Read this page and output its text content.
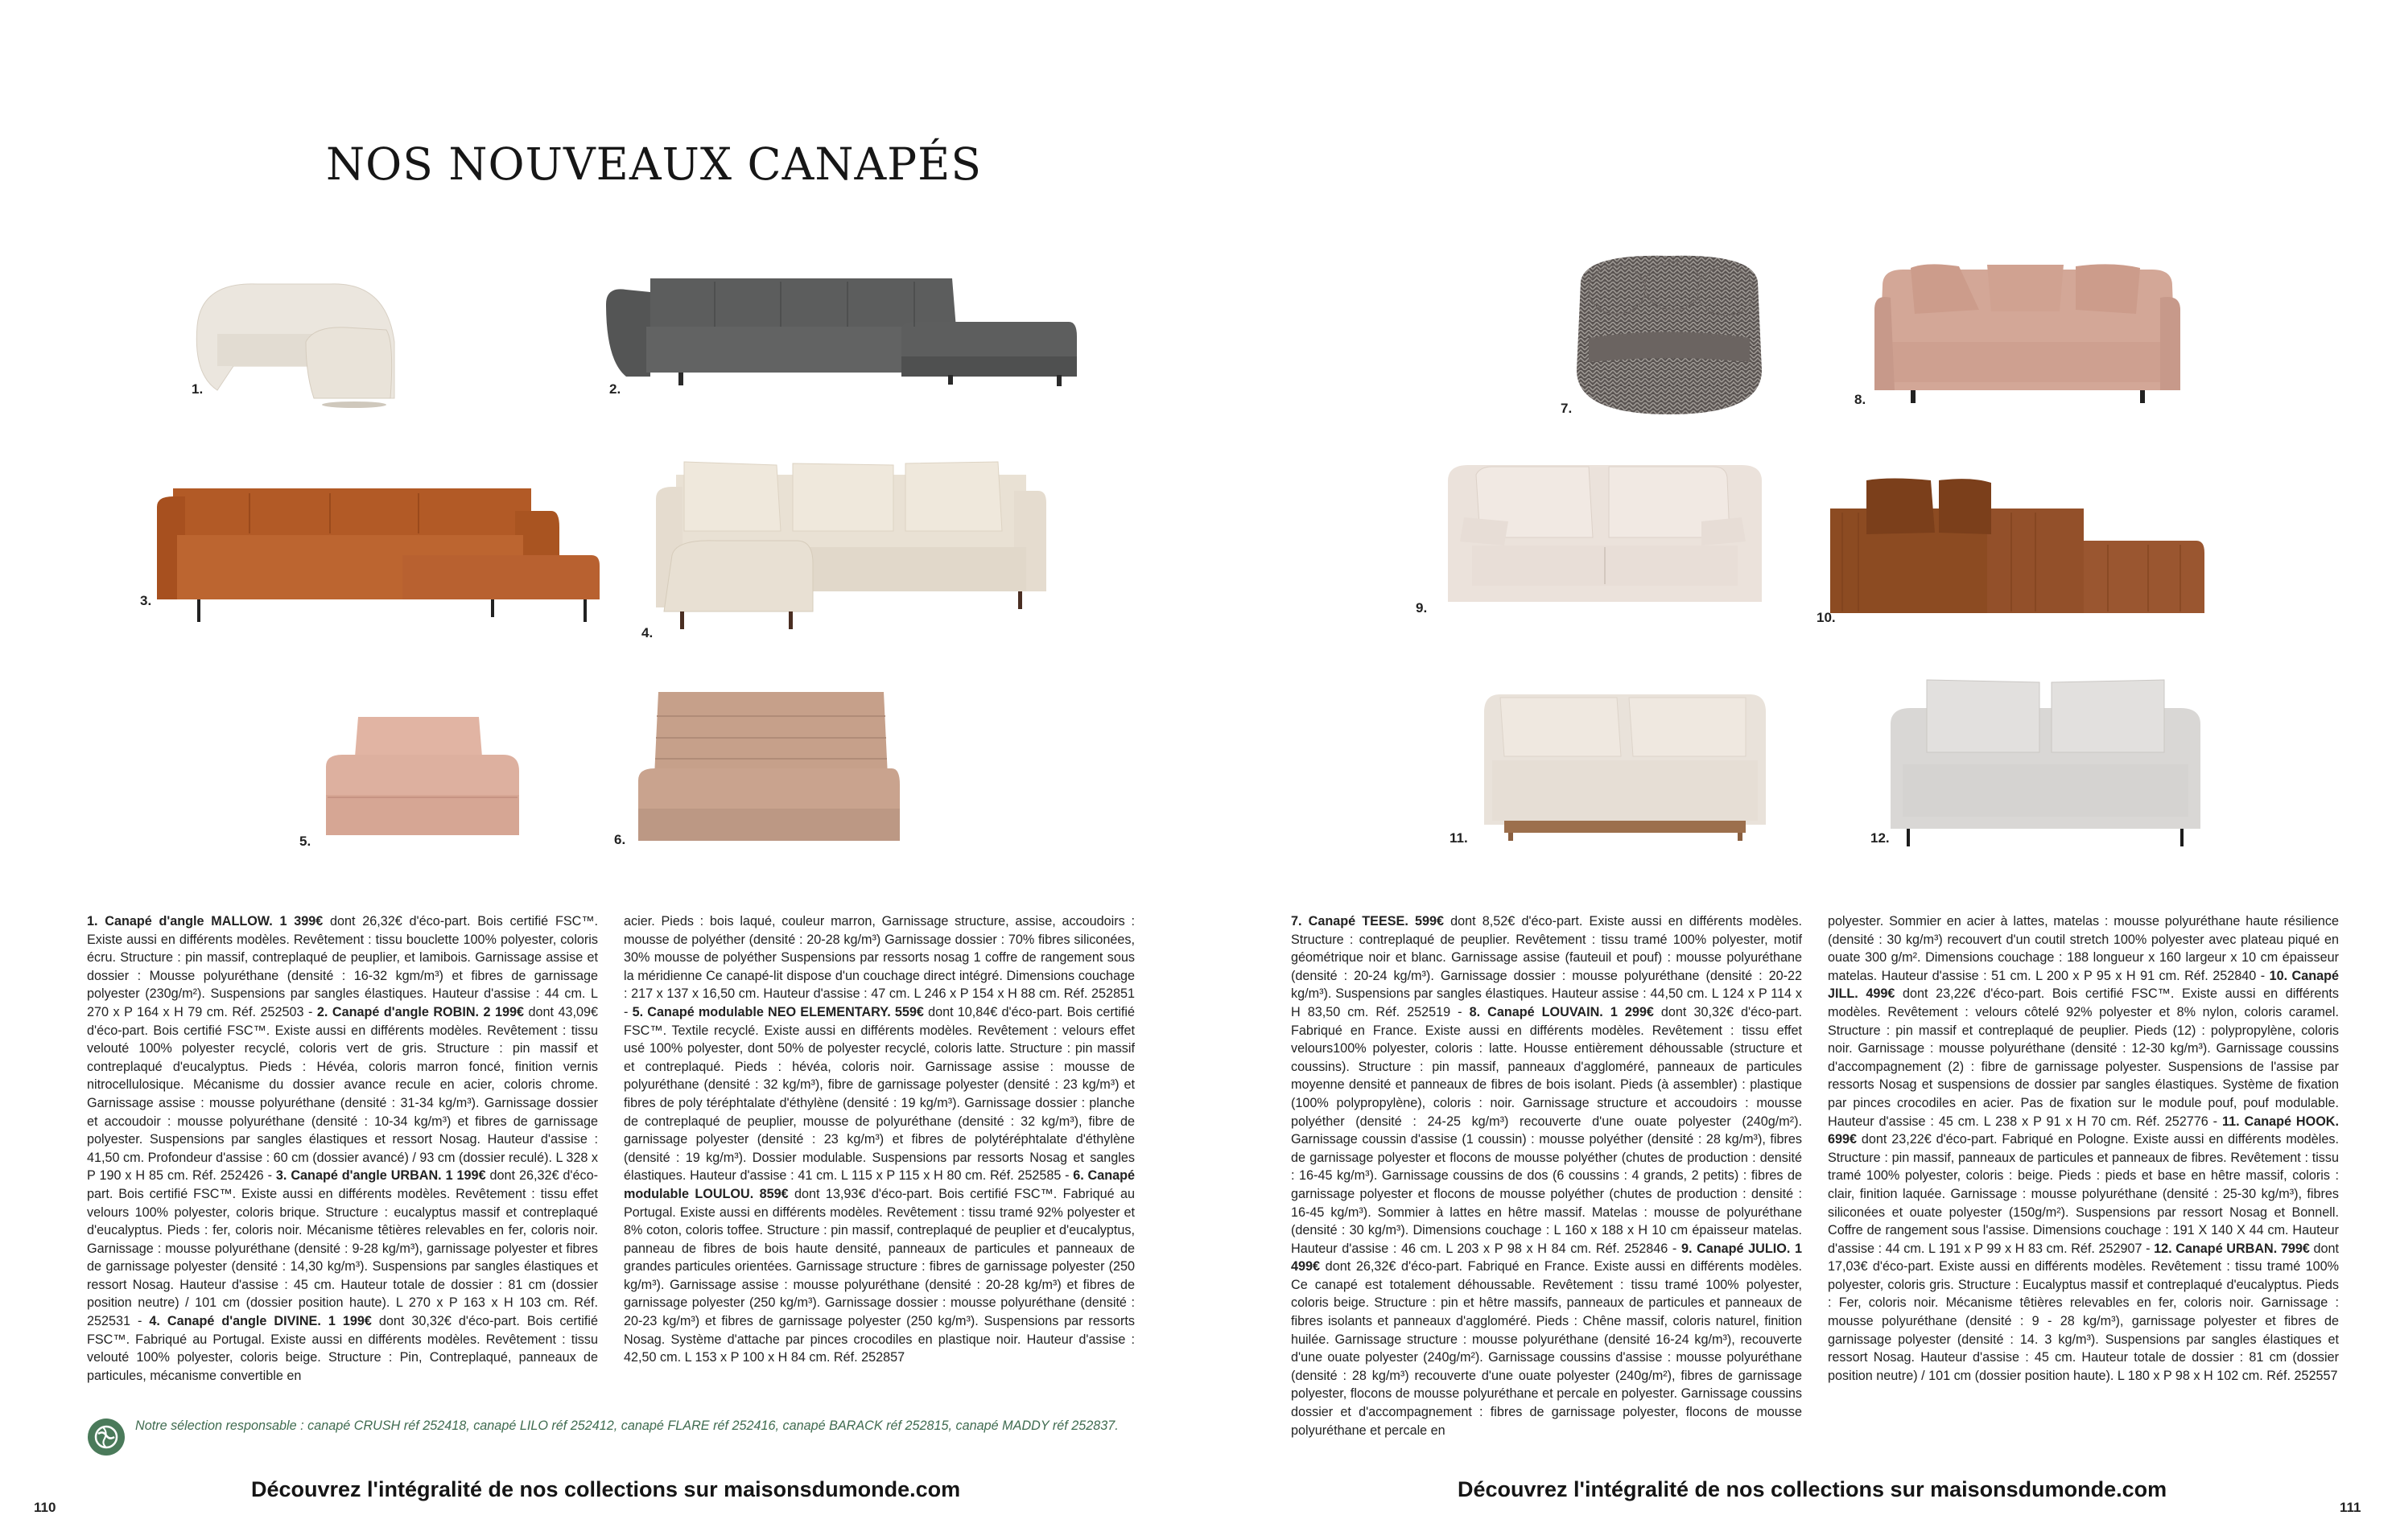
NOS NOUVEAUX CANAPÉS
1.	2.
3.
4.
5.	6.
1. Canapé d'angle MALLOW. 1 399€ dont 26,32€ d'éco-part. Bois certifié FSC™. Existe aussi en différents modèles. Revêtement : tissu bouclette 100% polyester, coloris écru. Structure : pin massif, contreplaqué de peuplier, et lamibois. Garnissage assise et dossier : Mousse polyuréthane (densité : 16-32 kgm/m³) et fibres de garnissage polyester (230g/m²). Suspensions par sangles élastiques. Hauteur d'assise : 44 cm. L 270 x P 164 x H 79 cm. Réf. 252503 - 2. Canapé d'angle ROBIN. 2 199€ dont 43,09€ d'éco-part. Bois certifié FSC™. Existe aussi en différents modèles. Revêtement : tissu velouté 100% polyester recyclé, coloris vert de gris. Structure : pin massif et contreplaqué d'eucalyptus. Pieds : Hévéa, coloris marron foncé, finition vernis nitrocellulosique. Mécanisme du dossier avance recule en acier, coloris chrome. Garnissage assise : mousse polyuréthane (densité : 31-34 kg/m³). Garnissage dossier et accoudoir : mousse polyuréthane (densité : 10-34 kg/m³) et fibres de garnissage polyester. Suspensions par sangles élastiques et ressort Nosag. Hauteur d'assise : 41,50 cm. Profondeur d'assise : 60 cm (dossier avancé) / 93 cm (dossier reculé). L 328 x P 190 x H 85 cm. Réf. 252426 - 3. Canapé d'angle URBAN. 1 199€ dont 26,32€ d'éco-part. Bois certifié FSC™. Existe aussi en différents modèles. Revêtement : tissu effet velours 100% polyester, coloris brique. Structure : eucalyptus massif et contreplaqué d'eucalyptus. Pieds : fer, coloris noir. Mécanisme têtières relevables en fer, coloris noir. Garnissage : mousse polyuréthane (densité : 9-28 kg/m³), garnissage polyester et fibres de garnissage polyester (densité : 14,30 kg/m³). Suspensions par sangles élastiques et ressort Nosag. Hauteur d'assise : 45 cm. Hauteur totale de dossier : 81 cm (dossier position neutre) / 101 cm (dossier position haute). L 270 x P 163 x H 103 cm. Réf. 252531 - 4. Canapé d'angle DIVINE. 1 199€ dont 30,32€ d'éco-part. Bois certifié FSC™. Fabriqué au Portugal. Existe aussi en différents modèles. Revêtement : tissu velouté 100% polyester, coloris beige. Structure : Pin, Contreplaqué, panneaux de particules, mécanisme convertible en
acier. Pieds : bois laqué, couleur marron, Garnissage structure, assise, accoudoirs : mousse de polyéther (densité : 20-28 kg/m³) Garnissage dossier : 70% fibres siliconées, 30% mousse de polyéther Suspensions par ressorts nosag 1 coffre de rangement sous la méridienne Ce canapé-lit dispose d'un couchage direct intégré. Dimensions couchage : 217 x 137 x 16,50 cm. Hauteur d'assise : 47 cm. L 246 x P 154 x H 88 cm. Réf. 252851 - 5. Canapé modulable NEO ELEMENTARY. 559€ dont 10,84€ d'éco-part. Bois certifié FSC™. Textile recyclé. Existe aussi en différents modèles. Revêtement : velours effet usé 100% polyester, dont 50% de polyester recyclé, coloris latte. Structure : pin massif et contreplaqué. Pieds : hévéa, coloris noir. Garnissage assise : mousse de polyuréthane (densité : 32 kg/m³), fibre de garnissage polyester (densité : 23 kg/m³) et fibres de poly téréphtalate d'éthylène (densité : 19 kg/m³). Garnissage dossier : planche de contreplaqué de peuplier, mousse de polyuréthane (densité : 32 kg/m³), fibre de garnissage polyester (densité : 23 kg/m³) et fibres de polytéréphtalate d'éthylène (densité : 19 kg/m³). Dossier modulable. Suspensions par ressorts Nosag et sangles élastiques. Hauteur d'assise : 41 cm. L 115 x P 115 x H 80 cm. Réf. 252585 - 6. Canapé modulable LOULOU. 859€ dont 13,93€ d'éco-part. Bois certifié FSC™. Fabriqué au Portugal. Existe aussi en différents modèles. Revêtement : tissu tramé 92% polyester et 8% coton, coloris toffee. Structure : pin massif, contreplaqué de peuplier et d'eucalyptus, panneau de fibres de bois haute densité, panneaux de particules et panneaux de grandes particules orientées. Garnissage structure : fibres de garnissage polyester (250 kg/m³). Garnissage assise : mousse polyuréthane (densité : 20-28 kg/m³) et fibres de garnissage polyester (250 kg/m³). Garnissage dossier : mousse polyuréthane (densité : 20-23 kg/m³) et fibres de garnissage polyester (250 kg/m³). Suspensions par ressorts Nosag. Système d'attache par pinces crocodiles en plastique noir. Hauteur d'assise : 42,50 cm. L 153 x P 100 x H 84 cm. Réf. 252857
Notre sélection responsable : canapé CRUSH réf 252418, canapé LILO réf 252412, canapé FLARE réf 252416, canapé BARACK réf 252815, canapé MADDY réf 252837.
Découvrez l'intégralité de nos collections sur maisonsdumonde.com
110
7.
8.
9.
10.
11.	12.
7. Canapé TEESE. 599€ dont 8,52€ d'éco-part. Existe aussi en différents modèles. Structure : contreplaqué de peuplier. Revêtement : tissu tramé 100% polyester, motif géométrique noir et blanc. Garnissage assise (fauteuil et pouf) : mousse polyuréthane (densité : 20-24 kg/m³). Garnissage dossier : mousse polyuréthane (densité : 20-22 kg/m³). Suspensions par sangles élastiques. Hauteur assise : 44,50 cm. L 124 x P 114 x H 83,50 cm. Réf. 252519 - 8. Canapé LOUVAIN. 1 299€ dont 30,32€ d'éco-part. Fabriqué en France. Existe aussi en différents modèles. Revêtement : tissu effet velours100% polyester, coloris : latte. Housse entièrement déhoussable (structure et coussins). Structure : pin massif, panneaux d'aggloméré, panneaux de particules moyenne densité et panneaux de fibres de bois isolant. Pieds (à assembler) : plastique (100% polypropylène), coloris : noir. Garnissage structure et accoudoirs : mousse polyéther (densité : 24-25 kg/m³) recouverte d'une ouate polyester (240g/m²). Garnissage coussin d'assise (1 coussin) : mousse polyéther (densité : 28 kg/m³), fibres de garnissage polyester et flocons de mousse polyéther (chutes de production : densité : 16-45 kg/m³). Garnissage coussins de dos (6 coussins : 4 grands, 2 petits) : fibres de garnissage polyester et flocons de mousse polyéther (chutes de production : densité : 16-45 kg/m³). Sommier à lattes en hêtre massif. Matelas : mousse de polyuréthane (densité : 30 kg/m³). Dimensions couchage : L 160 x 188 x H 10 cm épaisseur matelas. Hauteur d'assise : 46 cm. L 203 x P 98 x H 84 cm. Réf. 252846 - 9. Canapé JULIO. 1 499€ dont 26,32€ d'éco-part. Fabriqué en France. Existe aussi en différents modèles. Ce canapé est totalement déhoussable. Revêtement : tissu tramé 100% polyester, coloris beige. Structure : pin et hêtre massifs, panneaux de particules et panneaux de fibres isolants et panneaux d'aggloméré. Pieds : Chêne massif, coloris naturel, finition huilée. Garnissage structure : mousse polyuréthane (densité 16-24 kg/m³), recouverte d'une ouate polyester (240g/m²). Garnissage coussins d'assise : mousse polyuréthane (densité : 28 kg/m³) recouverte d'une ouate polyester (240g/m²), fibres de garnissage polyester, flocons de mousse polyuréthane et percale en polyester. Garnissage coussins dossier et d'accompagnement : fibres de garnissage polyester, flocons de mousse polyuréthane et percale en
polyester. Sommier en acier à lattes, matelas : mousse polyuréthane haute résilience (densité : 30 kg/m³) recouvert d'un coutil stretch 100% polyester avec plateau piqué en ouate 300 g/m². Dimensions couchage : 188 longueur x 160 largeur x 10 cm épaisseur matelas. Hauteur d'assise : 51 cm. L 200 x P 95 x H 91 cm. Réf. 252840 - 10. Canapé JILL. 499€ dont 23,22€ d'éco-part. Bois certifié FSC™. Existe aussi en différents modèles. Revêtement : velours côtelé 92% polyester et 8% nylon, coloris caramel. Structure : pin massif et contreplaqué de peuplier. Pieds (12) : polypropylène, coloris noir. Garnissage : mousse polyuréthane (densité : 12-30 kg/m³). Garnissage coussins d'accompagnement (2) : fibre de garnissage polyester. Suspensions de l'assise par ressorts Nosag et suspensions de dossier par sangles élastiques. Système de fixation par pinces crocodiles en acier. Pas de fixation sur le module pouf, pouf modulable. Hauteur d'assise : 45 cm. L 238 x P 91 x H 70 cm. Réf. 252776 - 11. Canapé HOOK. 699€ dont 23,22€ d'éco-part. Fabriqué en Pologne. Existe aussi en différents modèles. Structure : pin massif, panneaux de particules et panneaux de fibres. Revêtement : tissu tramé 100% polyester, coloris : beige. Pieds : pieds et base en hêtre massif, coloris : clair, finition laquée. Garnissage : mousse polyuréthane (densité : 25-30 kg/m³), fibres siliconées et ouate polyester (150g/m²). Suspensions par ressort Nosag et Bonnell. Coffre de rangement sous l'assise. Dimensions couchage : 191 X 140 X 44 cm. Hauteur d'assise : 44 cm. L 191 x P 99 x H 83 cm. Réf. 252907 - 12. Canapé URBAN. 799€ dont 17,03€ d'éco-part. Existe aussi en différents modèles. Revêtement : tissu tramé 100% polyester, coloris gris. Structure : Eucalyptus massif et contreplaqué d'eucalyptus. Pieds : Fer, coloris noir. Mécanisme têtières relevables en fer, coloris noir. Garnissage : mousse polyuréthane (densité : 9 - 28 kg/m³), garnissage polyester et fibres de garnissage polyester (densité : 14. 3 kg/m³). Suspensions par sangles élastiques et ressort Nosag. Hauteur d'assise : 45 cm. Hauteur totale de dossier : 81 cm (dossier position neutre) / 101 cm (dossier position haute). L 180 x P 98 x H 102 cm. Réf. 252557
Découvrez l'intégralité de nos collections sur maisonsdumonde.com
111
